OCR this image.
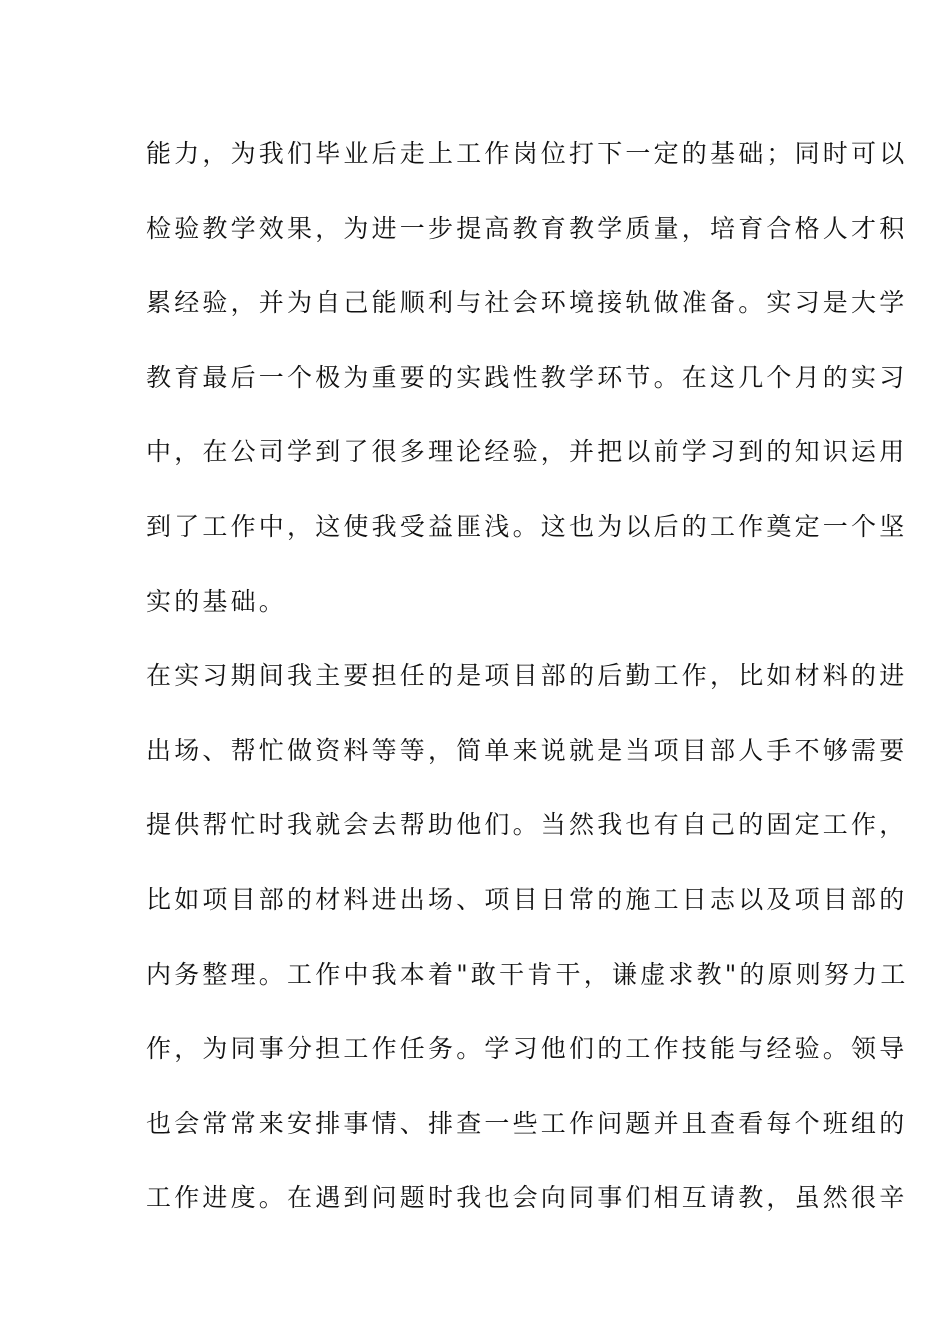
能力，为我们毕业后走上工作岗位打下一定的基础；同时可以
检验教学效果，为进一步提高教育教学质量，培育合格人才积
累经验，并为自己能顺利与社会环境接轨做准备。实习是大学
教育最后一个极为重要的实践性教学环节。在这几个月的实习
中，在公司学到了很多理论经验，并把以前学习到的知识运用
到了工作中，这使我受益匪浅。这也为以后的工作奠定一个坚
实的基础。
在实习期间我主要担任的是项目部的后勤工作，比如材料的进
出场、帮忙做资料等等，简单来说就是当项目部人手不够需要
提供帮忙时我就会去帮助他们。当然我也有自己的固定工作，
比如项目部的材料进出场、项目日常的施工日志以及项目部的
内务整理。工作中我本着"敢干肯干，谦虚求教"的原则努力工
作，为同事分担工作任务。学习他们的工作技能与经验。领导
也会常常来安排事情、排查一些工作问题并且查看每个班组的
工作进度。在遇到问题时我也会向同事们相互请教，虽然很辛
